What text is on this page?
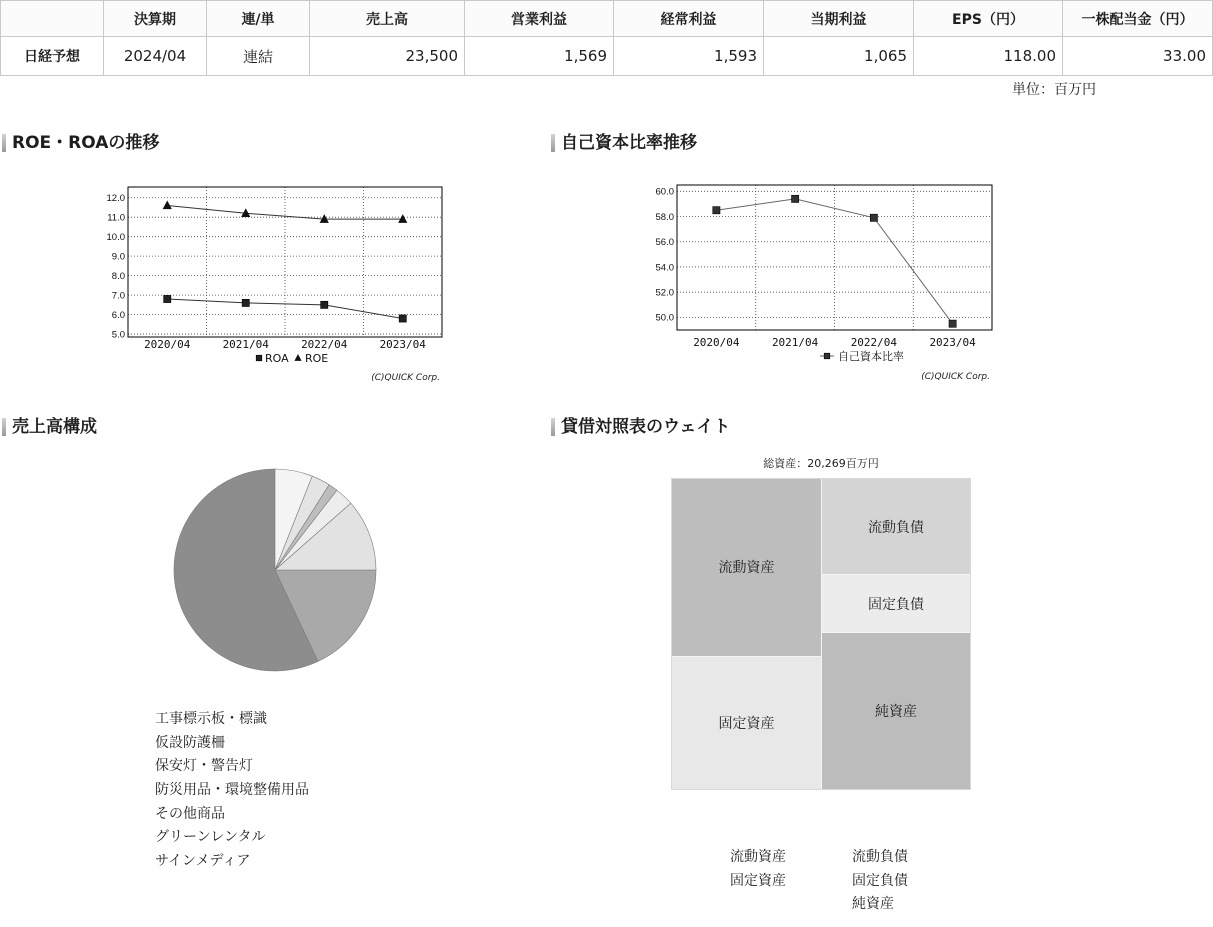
	決算期	連/単	売上高	営業利益	経常利益	当期利益	EPS（円）	一株配当金（円）
日経予想	2024/04	連結	23,500	1,569	1,593	1,065	118.00	33.00
単位：百万円
ROE・ROAの推移
12.0
11.0
10.0
9.0
8.0
7.0
6.0
5.0
2020/04	2021/04	2022/04	2023/04
ROA ROE
(C)QUICK Corp.
自己資本比率推移
60.0
58.0
56.0
54.0
52.0
50.0
2020/04	2021/04	2022/04	2023/04
自己資本比率
(C)QUICK Corp.
売上高構成
工事標示板・標識
仮設防護柵
保安灯・警告灯
防災用品・環境整備用品
その他商品
グリーンレンタル
サインメディア
貸借対照表のウェイト
総資産：20,269百万円
流動資産
固定資産
流動負債
固定負債
純資産
流動資産
固定資産
流動負債
固定負債
純資産
